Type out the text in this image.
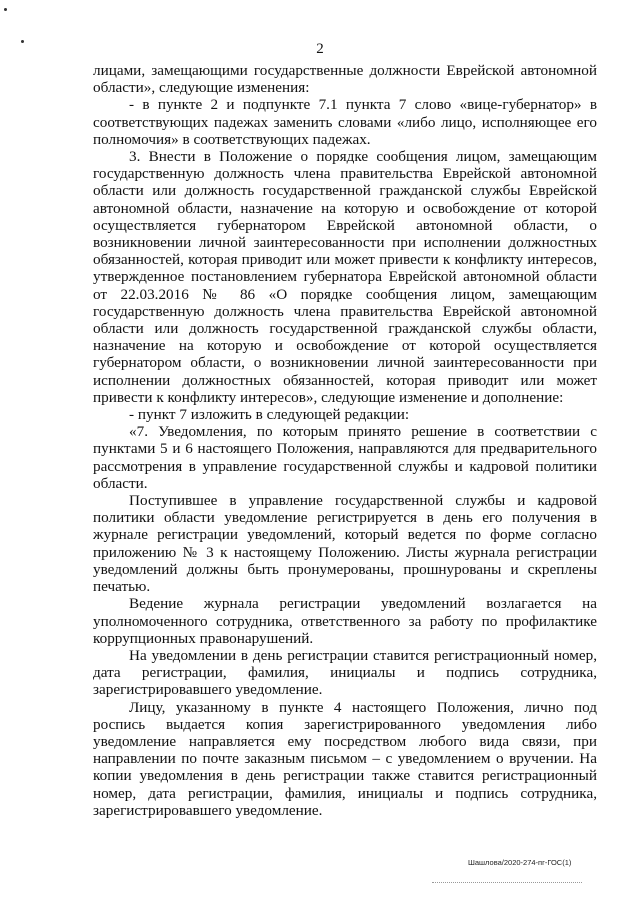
2

лицами, замещающими государственные должности Еврейской автономной области», следующие изменения:

- в пункте 2 и подпункте 7.1 пункта 7 слово «вице-губернатор» в соответствующих падежах заменить словами «либо лицо, исполняющее его полномочия» в соответствующих падежах.

3. Внести в Положение о порядке сообщения лицом, замещающим государственную должность члена правительства Еврейской автономной области или должность государственной гражданской службы Еврейской автономной области, назначение на которую и освобождение от которой осуществляется губернатором Еврейской автономной области, о возникновении личной заинтересованности при исполнении должностных обязанностей, которая приводит или может привести к конфликту интересов, утвержденное постановлением губернатора Еврейской автономной области от 22.03.2016 № 86 «О порядке сообщения лицом, замещающим государственную должность члена правительства Еврейской автономной области или должность государственной гражданской службы области, назначение на которую и освобождение от которой осуществляется губернатором области, о возникновении личной заинтересованности при исполнении должностных обязанностей, которая приводит или может привести к конфликту интересов», следующие изменение и дополнение:

- пункт 7 изложить в следующей редакции:

«7. Уведомления, по которым принято решение в соответствии с пунктами 5 и 6 настоящего Положения, направляются для предварительного рассмотрения в управление государственной службы и кадровой политики области.

Поступившее в управление государственной службы и кадровой политики области уведомление регистрируется в день его получения в журнале регистрации уведомлений, который ведется по форме согласно приложению № 3 к настоящему Положению. Листы журнала регистрации уведомлений должны быть пронумерованы, прошнурованы и скреплены печатью.

Ведение журнала регистрации уведомлений возлагается на уполномоченного сотрудника, ответственного за работу по профилактике коррупционных правонарушений.

На уведомлении в день регистрации ставится регистрационный номер, дата регистрации, фамилия, инициалы и подпись сотрудника, зарегистрировавшего уведомление.

Лицу, указанному в пункте 4 настоящего Положения, лично под роспись выдается копия зарегистрированного уведомления либо уведомление направляется ему посредством любого вида связи, при направлении по почте заказным письмом – с уведомлением о вручении. На копии уведомления в день регистрации также ставится регистрационный номер, дата регистрации, фамилия, инициалы и подпись сотрудника, зарегистрировавшего уведомление.

Шашлова/2020-274-пг-ГОС(1)
